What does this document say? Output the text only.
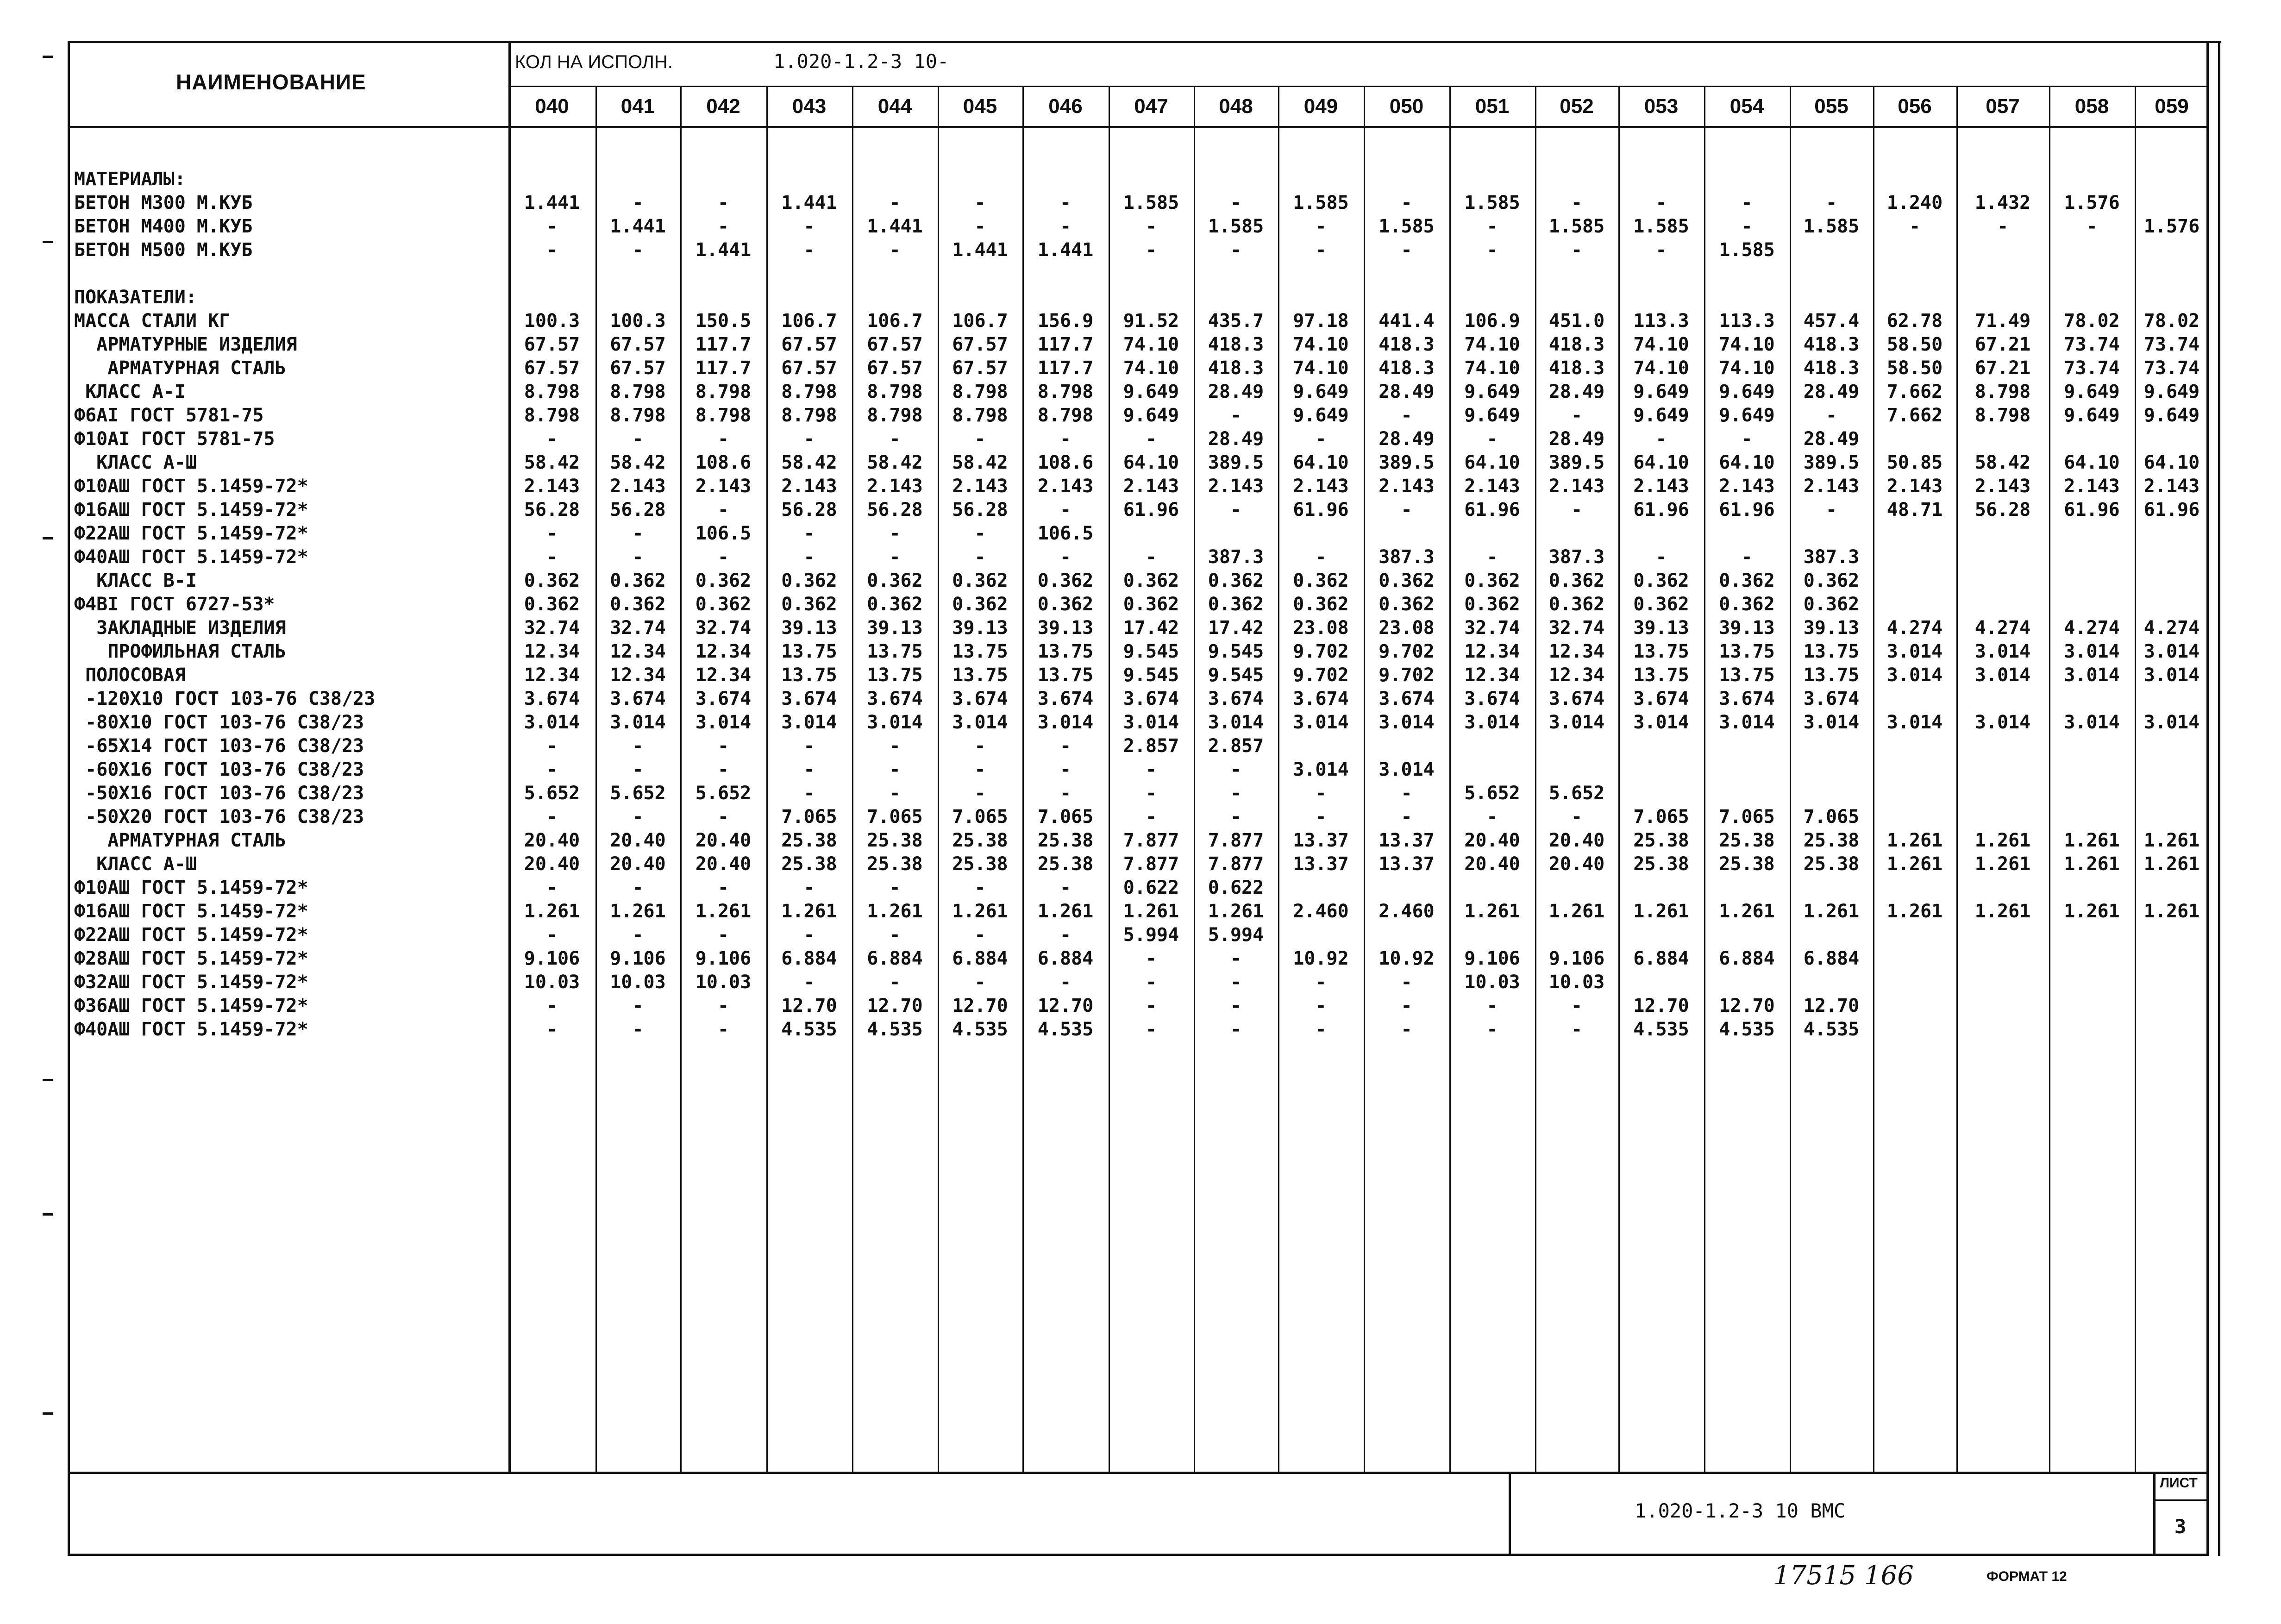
НАИМЕНОВАНИЕ
КОЛ НА ИСПОЛН.	1.020-1.2-3 10-
040	041	042	043	044	045	046	047	048	049	050	051	052	053	054	055	056	057	058	059
МАТЕРИАЛЫ:
БЕТОН М300 М.КУБ	1.441	-	-	1.441	-	-	-	1.585	-	1.585	-	1.585	-	-	-	-	1.240	1.432	1.576
БЕТОН М400 М.КУБ	-	1.441	-	-	1.441	-	-	-	1.585	-	1.585	-	1.585	1.585	-	1.585	-	-	-	1.576
БЕТОН М500 М.КУБ	-	-	1.441	-	-	1.441	1.441	-	-	-	-	-	-	-	1.585
ПОКАЗАТЕЛИ:
МАССА СТАЛИ КГ	100.3	100.3	150.5	106.7	106.7	106.7	156.9	91.52	435.7	97.18	441.4	106.9	451.0	113.3	113.3	457.4	62.78	71.49	78.02	78.02
АРМАТУРНЫЕ ИЗДЕЛИЯ	67.57	67.57	117.7	67.57	67.57	67.57	117.7	74.10	418.3	74.10	418.3	74.10	418.3	74.10	74.10	418.3	58.50	67.21	73.74	73.74
АРМАТУРНАЯ СТАЛЬ	67.57	67.57	117.7	67.57	67.57	67.57	117.7	74.10	418.3	74.10	418.3	74.10	418.3	74.10	74.10	418.3	58.50	67.21	73.74	73.74
КЛАСС А-I	8.798	8.798	8.798	8.798	8.798	8.798	8.798	9.649	28.49	9.649	28.49	9.649	28.49	9.649	9.649	28.49	7.662	8.798	9.649	9.649
Ф6АI ГОСТ 5781-75	8.798	8.798	8.798	8.798	8.798	8.798	8.798	9.649	-	9.649	-	9.649	-	9.649	9.649	-	7.662	8.798	9.649	9.649
Ф10АI ГОСТ 5781-75	-	-	-	-	-	-	-	-	28.49	-	28.49	-	28.49	-	-	28.49
КЛАСС А-Ш	58.42	58.42	108.6	58.42	58.42	58.42	108.6	64.10	389.5	64.10	389.5	64.10	389.5	64.10	64.10	389.5	50.85	58.42	64.10	64.10
Ф10АШ ГОСТ 5.1459-72*	2.143	2.143	2.143	2.143	2.143	2.143	2.143	2.143	2.143	2.143	2.143	2.143	2.143	2.143	2.143	2.143	2.143	2.143	2.143	2.143
Ф16АШ ГОСТ 5.1459-72*	56.28	56.28	-	56.28	56.28	56.28	-	61.96	-	61.96	-	61.96	-	61.96	61.96	-	48.71	56.28	61.96	61.96
Ф22АШ ГОСТ 5.1459-72*	-	-	106.5	-	-	-	106.5
Ф40АШ ГОСТ 5.1459-72*	-	-	-	-	-	-	-	-	387.3	-	387.3	-	387.3	-	-	387.3
КЛАСС В-I	0.362	0.362	0.362	0.362	0.362	0.362	0.362	0.362	0.362	0.362	0.362	0.362	0.362	0.362	0.362	0.362
Ф4ВI ГОСТ 6727-53*	0.362	0.362	0.362	0.362	0.362	0.362	0.362	0.362	0.362	0.362	0.362	0.362	0.362	0.362	0.362	0.362
ЗАКЛАДНЫЕ ИЗДЕЛИЯ	32.74	32.74	32.74	39.13	39.13	39.13	39.13	17.42	17.42	23.08	23.08	32.74	32.74	39.13	39.13	39.13	4.274	4.274	4.274	4.274
ПРОФИЛЬНАЯ СТАЛЬ	12.34	12.34	12.34	13.75	13.75	13.75	13.75	9.545	9.545	9.702	9.702	12.34	12.34	13.75	13.75	13.75	3.014	3.014	3.014	3.014
ПОЛОСОВАЯ	12.34	12.34	12.34	13.75	13.75	13.75	13.75	9.545	9.545	9.702	9.702	12.34	12.34	13.75	13.75	13.75	3.014	3.014	3.014	3.014
-120Х10 ГОСТ 103-76 С38/23	3.674	3.674	3.674	3.674	3.674	3.674	3.674	3.674	3.674	3.674	3.674	3.674	3.674	3.674	3.674	3.674
-80Х10 ГОСТ 103-76 С38/23	3.014	3.014	3.014	3.014	3.014	3.014	3.014	3.014	3.014	3.014	3.014	3.014	3.014	3.014	3.014	3.014	3.014	3.014	3.014	3.014
-65Х14 ГОСТ 103-76 С38/23	-	-	-	-	-	-	-	2.857	2.857
-60Х16 ГОСТ 103-76 С38/23	-	-	-	-	-	-	-	-	-	3.014	3.014
-50Х16 ГОСТ 103-76 С38/23	5.652	5.652	5.652	-	-	-	-	-	-	-	-	5.652	5.652
-50Х20 ГОСТ 103-76 С38/23	-	-	-	7.065	7.065	7.065	7.065	-	-	-	-	-	-	7.065	7.065	7.065
АРМАТУРНАЯ СТАЛЬ	20.40	20.40	20.40	25.38	25.38	25.38	25.38	7.877	7.877	13.37	13.37	20.40	20.40	25.38	25.38	25.38	1.261	1.261	1.261	1.261
КЛАСС А-Ш	20.40	20.40	20.40	25.38	25.38	25.38	25.38	7.877	7.877	13.37	13.37	20.40	20.40	25.38	25.38	25.38	1.261	1.261	1.261	1.261
Ф10АШ ГОСТ 5.1459-72*	-	-	-	-	-	-	-	0.622	0.622
Ф16АШ ГОСТ 5.1459-72*	1.261	1.261	1.261	1.261	1.261	1.261	1.261	1.261	1.261	2.460	2.460	1.261	1.261	1.261	1.261	1.261	1.261	1.261	1.261	1.261
Ф22АШ ГОСТ 5.1459-72*	-	-	-	-	-	-	-	5.994	5.994
Ф28АШ ГОСТ 5.1459-72*	9.106	9.106	9.106	6.884	6.884	6.884	6.884	-	-	10.92	10.92	9.106	9.106	6.884	6.884	6.884
Ф32АШ ГОСТ 5.1459-72*	10.03	10.03	10.03	-	-	-	-	-	-	-	-	10.03	10.03
Ф36АШ ГОСТ 5.1459-72*	-	-	-	12.70	12.70	12.70	12.70	-	-	-	-	-	-	12.70	12.70	12.70
Ф40АШ ГОСТ 5.1459-72*	-	-	-	4.535	4.535	4.535	4.535	-	-	-	-	-	-	4.535	4.535	4.535
1.020-1.2-3 10 ВМС
ЛИСТ
3
17515 166	ФОРМАТ 12
